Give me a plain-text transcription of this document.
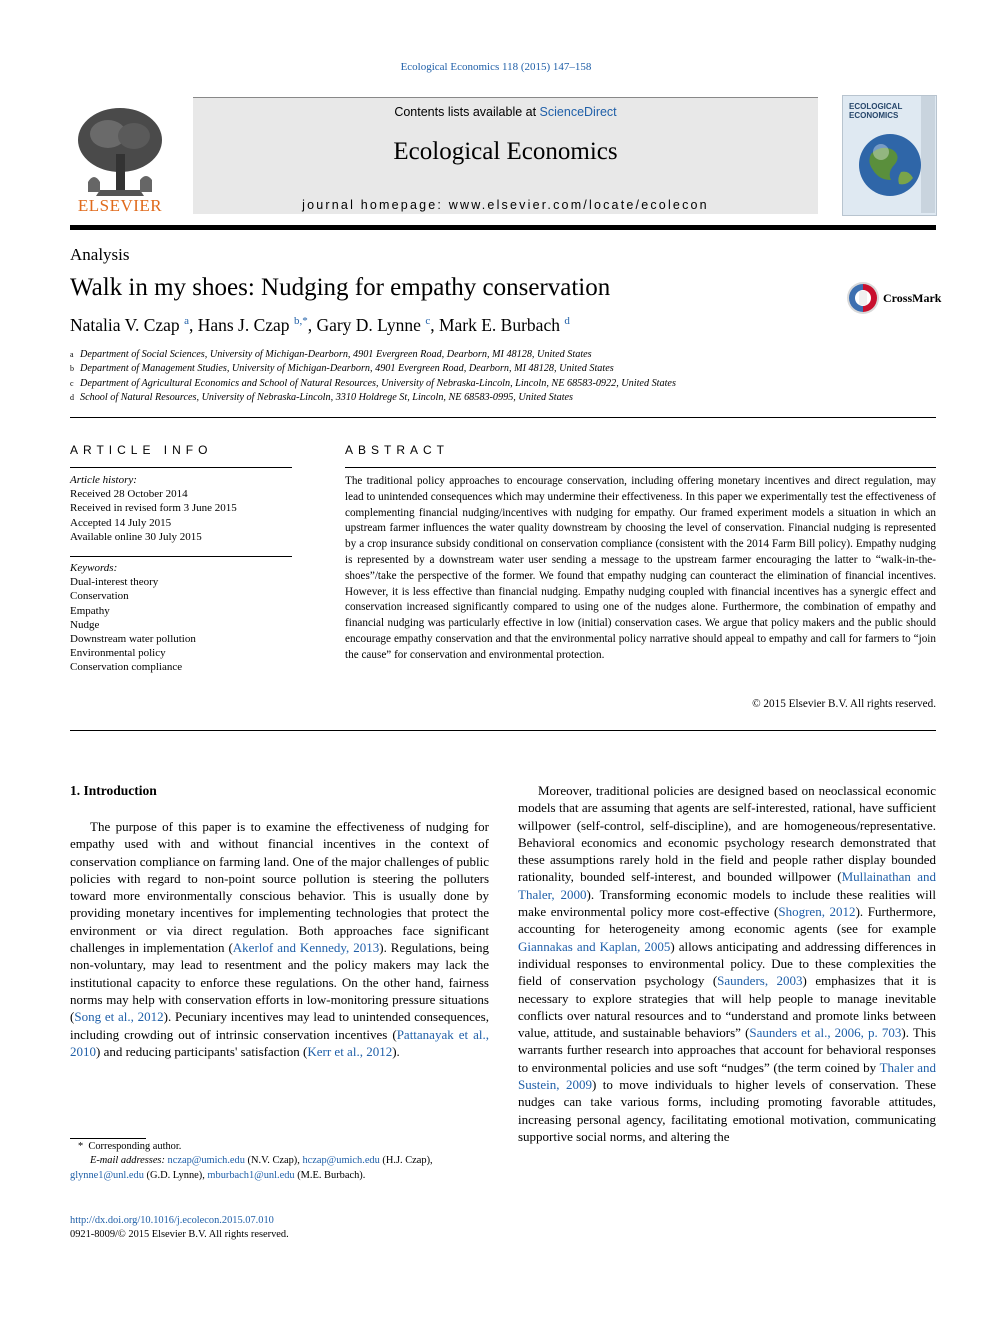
Ecological Economics 118 (2015) 147–158
ELSEVIER
Contents lists available at ScienceDirect
Ecological Economics
journal homepage: www.elsevier.com/locate/ecolecon
ECOLOGICAL ECONOMICS
Analysis
Walk in my shoes: Nudging for empathy conservation	CrossMark
Natalia V. Czap $^a$, Hans J. Czap $^{b,*}$, Gary D. Lynne $^c$, Mark E. Burbach $^d$
a Department of Social Sciences, University of Michigan-Dearborn, 4901 Evergreen Road, Dearborn, MI 48128, United States
b Department of Management Studies, University of Michigan-Dearborn, 4901 Evergreen Road, Dearborn, MI 48128, United States
c Department of Agricultural Economics and School of Natural Resources, University of Nebraska-Lincoln, Lincoln, NE 68583-0922, United States
d School of Natural Resources, University of Nebraska-Lincoln, 3310 Holdrege St, Lincoln, NE 68583-0995, United States
ARTICLE INFO
Article history:
Received 28 October 2014
Received in revised form 3 June 2015
Accepted 14 July 2015
Available online 30 July 2015
Keywords:
Dual-interest theory
Conservation
Empathy
Nudge
Downstream water pollution
Environmental policy
Conservation compliance
ABSTRACT
The traditional policy approaches to encourage conservation, including offering monetary incentives and direct regulation, may lead to unintended consequences which may undermine their effectiveness. In this paper we experimentally test the effectiveness of complementing financial nudging/incentives with nudging for empathy. Our framed experiment models a situation in which an upstream farmer influences the water quality downstream by choosing the level of conservation. Financial nudging is represented by a crop insurance subsidy conditional on conservation compliance (consistent with the 2014 Farm Bill policy). Empathy nudging is represented by a downstream water user sending a message to the upstream farmer encouraging the latter to “walk-in-the-shoes”/take the perspective of the former. We found that empathy nudging can counteract the elimination of financial incentives. However, it is less effective than financial nudging. Empathy nudging coupled with financial incentives has a synergic effect and conservation increased significantly compared to using one of the nudges alone. Furthermore, the combination of empathy and financial nudging was particularly effective in low (initial) conservation cases. We argue that policy makers and the public should encourage empathy conservation and that the environmental policy narrative should appeal to empathy and call for farmers to “join the cause” for conservation and environmental protection.
© 2015 Elsevier B.V. All rights reserved.
1. Introduction

The purpose of this paper is to examine the effectiveness of nudging for empathy used with and without financial incentives in the context of conservation compliance on farming land. One of the major challenges of public policies with regard to non-point source pollution is steering the polluters toward more environmentally conscious behavior. This is usually done by providing monetary incentives for implementing technologies that protect the environment or via direct regulation. Both approaches face significant challenges in implementation (Akerlof and Kennedy, 2013). Regulations, being non-voluntary, may lead to resentment and the policy makers may lack the institutional capacity to enforce these regulations. On the other hand, fairness norms may help with conservation efforts in low-monitoring pressure situations (Song et al., 2012). Pecuniary incentives may lead to unintended consequences, including crowding out of intrinsic conservation incentives (Pattanayak et al., 2010) and reducing participants' satisfaction (Kerr et al., 2012).

Moreover, traditional policies are designed based on neoclassical economic models that are assuming that agents are self-interested, rational, have sufficient willpower (self-control, self-discipline), and are homogeneous/representative. Behavioral economics and economic psychology research demonstrated that these assumptions rarely hold in the field and people rather display bounded rationality, bounded self-interest, and bounded willpower (Mullainathan and Thaler, 2000). Transforming economic models to include these realities will make environmental policy more cost-effective (Shogren, 2012). Furthermore, accounting for heterogeneity among economic agents (see for example Giannakas and Kaplan, 2005) allows anticipating and addressing differences in individual responses to environmental policy. Due to these complexities the field of conservation psychology (Saunders, 2003) emphasizes that it is necessary to explore strategies that will help people to manage inevitable conflicts over natural resources and to “understand and promote links between value, attitude, and sustainable behaviors” (Saunders et al., 2006, p. 703). This warrants further research into approaches that account for behavioral responses to environmental policies and use soft “nudges” (the term coined by Thaler and Sustein, 2009) to move individuals to higher levels of conservation. These nudges can take various forms, including promoting favorable attitudes, increasing personal agency, facilitating emotional motivation, communicating supportive social norms, and altering the

* Corresponding author.
E-mail addresses: nczap@umich.edu (N.V. Czap), hczap@umich.edu (H.J. Czap),
glynne1@unl.edu (G.D. Lynne), mburbach1@unl.edu (M.E. Burbach).
http://dx.doi.org/10.1016/j.ecolecon.2015.07.010
0921-8009/© 2015 Elsevier B.V. All rights reserved.
